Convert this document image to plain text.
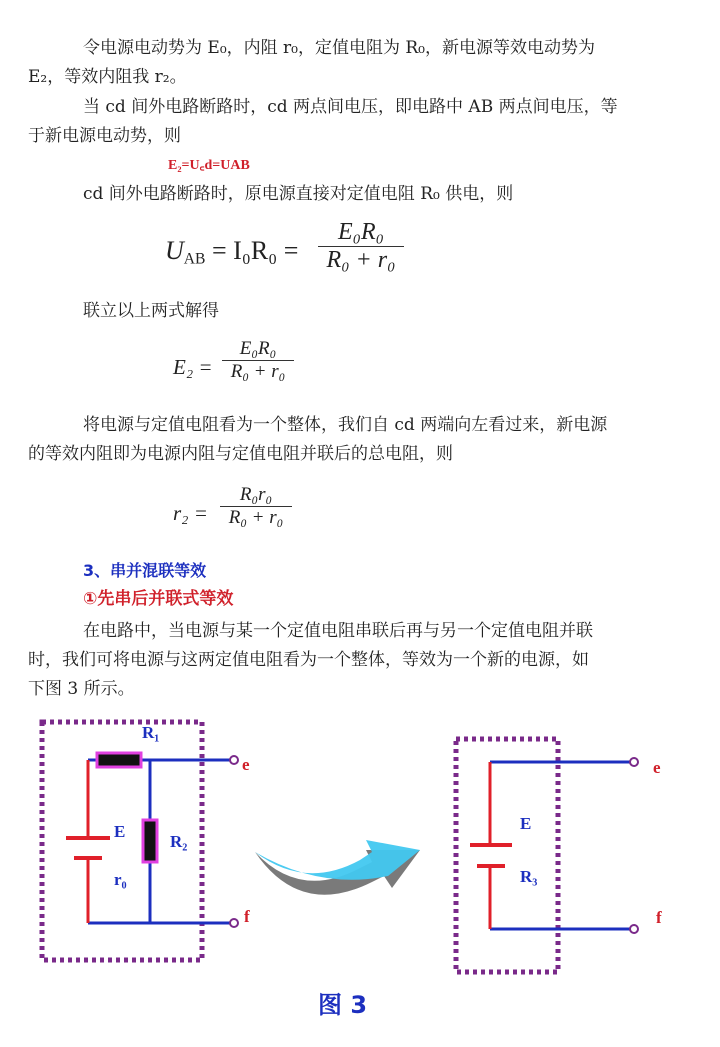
令电源电动势为 E₀，内阻 r₀，定值电阻为 R₀，新电源等效电动势为

E₂，等效内阻我 r₂。

当 cd 间外电路断路时，cd 两点间电压，即电路中 AB 两点间电压，等

于新电源电动势，则

E₂=U꜀d=UAB

cd 间外电路断路时，原电源直接对定值电阻 R₀ 供电，则

UAB = I₀R₀ =
E₀R₀
R₀ + r₀

联立以上两式解得

E₂ =
E₀R₀
R₀ + r₀

将电源与定值电阻看为一个整体，我们自 cd 两端向左看过来，新电源

的等效内阻即为电源内阻与定值电阻并联后的总电阻，则

r₂ =
R₀r₀
R₀ + r₀

3、串并混联等效

①先串后并联式等效

在电路中，当电源与某一个定值电阻串联后再与另一个定值电阻并联

时，我们可将电源与这两定值电阻看为一个整体，等效为一个新的电源，如

下图 3 所示。

R₁
R₂
E
r₀
E
R₃
e
f
e
f
图 3
